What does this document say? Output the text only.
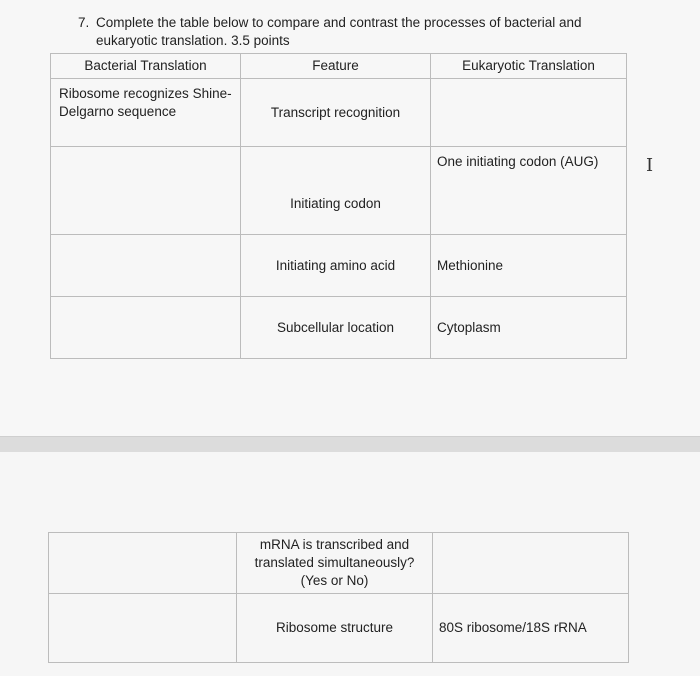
7. Complete the table below to compare and contrast the processes of bacterial and
eukaryotic translation. 3.5 points
Bacterial Translation	Feature	Eukaryotic Translation

Ribosome recognizes Shine-
Delgarno sequence	Transcript recognition	
	Initiating codon	One initiating codon (AUG)
	Initiating amino acid	Methionine
	Subcellular location	Cytoplasm
I

	mRNA is transcribed and
translated simultaneously?
(Yes or No)	

	Ribosome structure	80S ribosome/18S rRNA
